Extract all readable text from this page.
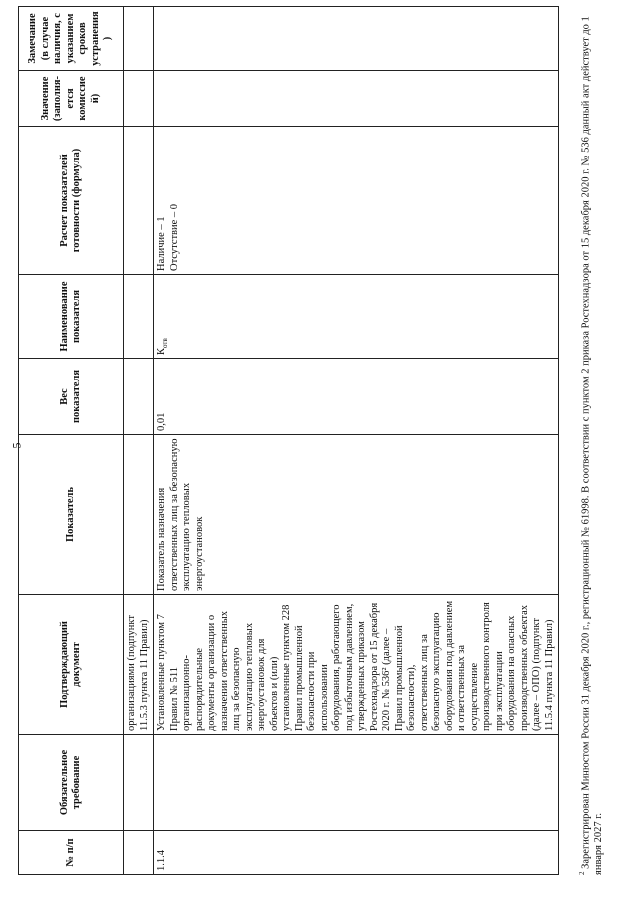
№ п/п	Обязательное требование	Подтверждающий документ	Показатель	Вес показателя	Наименование показателя	Расчет показателей готовности (формула)	Значение (заполня-ется комиссией)	Замечание (в случае наличия, с указанием сроков устранения)
		организациями (подпункт 11.5.3 пункта 11 Правил)						
1.1.4		Установленные пунктом 7 Правил № 511 организационно-распорядительные документы организации о назначении ответственных лиц за безопасную эксплуатацию тепловых энергоустановок для объектов и (или) установленные пунктом 228 Правил промышленной безопасности при использовании оборудования, работающего под избыточным давлением, утвержденных приказом Ростехнадзора от 15 декабря 2020 г. № 536² (далее – Правил промышленной безопасности), ответственных лиц за безопасную эксплуатацию оборудования под давлением и ответственных за осуществление производственного контроля при эксплуатации оборудования на опасных производственных объектах (далее – ОПО) (подпункт 11.5.4 пункта 11 Правил)	Показатель назначения ответственных лиц за безопасную эксплуатацию тепловых энергоустановок	0,01	$К_{отв}$	Наличие – 1 Отсутствие – 0		

$^2$ Зарегистрирован Минюстом России 31 декабря 2020 г., регистрационный № 61998. В соответствии с пунктом 2 приказа Ростехнадзора от 15 декабря 2020 г. № 536 данный акт действует до 1 января 2027 г.
5
